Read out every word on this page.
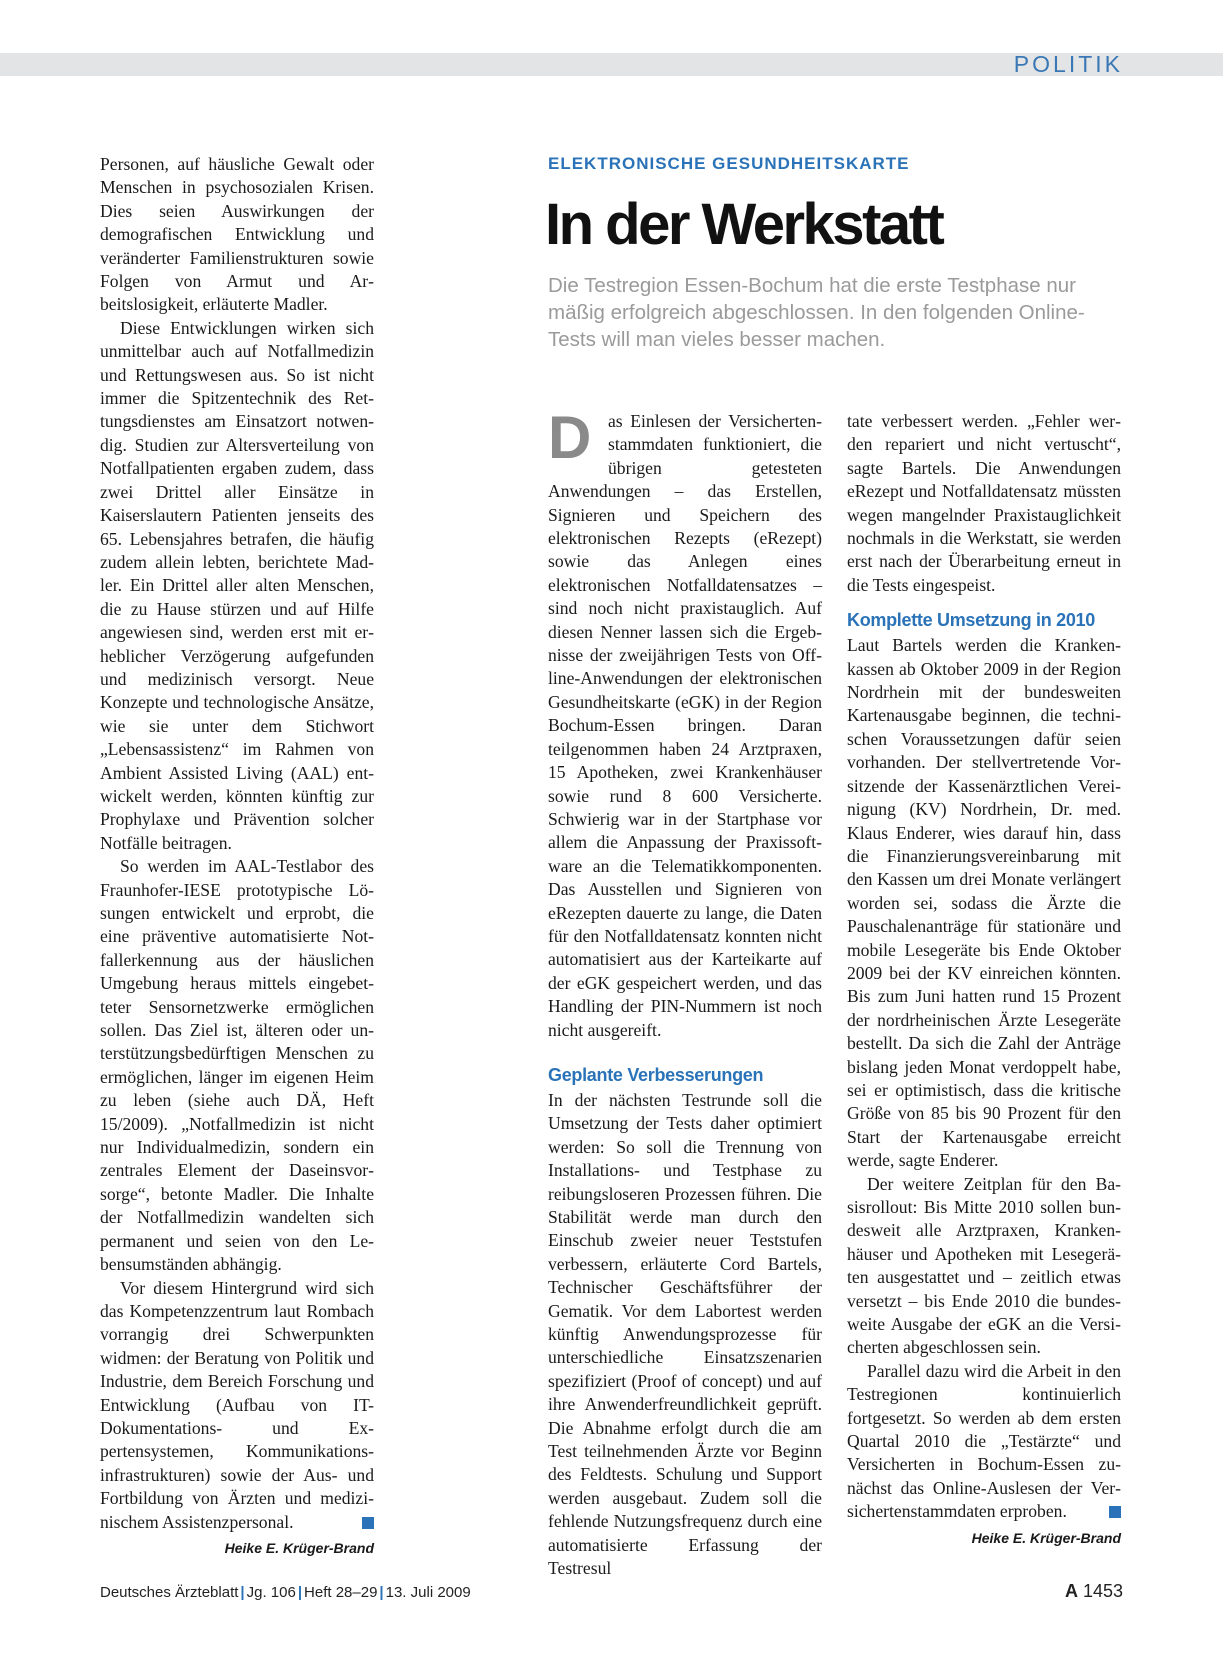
POLITIK

Personen, auf häusliche Gewalt oder Menschen in psychosozialen Krisen. Dies seien Auswirkungen der demografischen Entwicklung und veränderter Familienstrukturen sowie Folgen von Armut und Arbeitslosigkeit, erläuterte Madler.

Diese Entwicklungen wirken sich unmittelbar auch auf Notfallmedizin und Rettungswesen aus. So ist nicht immer die Spitzentechnik des Rettungsdienstes am Einsatzort notwendig. Studien zur Altersverteilung von Notfallpatienten ergaben zudem, dass zwei Drittel aller Einsätze in Kaiserslautern Patienten jenseits des 65. Lebensjahres betrafen, die häufig zudem allein lebten, berichtete Madler. Ein Drittel aller alten Menschen, die zu Hause stürzen und auf Hilfe angewiesen sind, werden erst mit erheblicher Verzögerung aufgefunden und medizinisch versorgt. Neue Konzepte und technologische Ansätze, wie sie unter dem Stichwort „Lebensassistenz“ im Rahmen von Ambient Assisted Living (AAL) entwickelt werden, könnten künftig zur Prophylaxe und Prävention solcher Notfälle beitragen.

So werden im AAL-Testlabor des Fraunhofer-IESE prototypische Lösungen entwickelt und erprobt, die eine präventive automatisierte Notfallerkennung aus der häuslichen Umgebung heraus mittels eingebetteter Sensornetzwerke ermöglichen sollen. Das Ziel ist, älteren oder unterstützungsbedürftigen Menschen zu ermöglichen, länger im eigenen Heim zu leben (siehe auch DÄ, Heft 15/2009). „Notfallmedizin ist nicht nur Individualmedizin, sondern ein zentrales Element der Daseinsvorsorge“, betonte Madler. Die Inhalte der Notfallmedizin wandelten sich permanent und seien von den Lebensumständen abhängig.

Vor diesem Hintergrund wird sich das Kompetenzzentrum laut Rombach vorrangig drei Schwerpunkten widmen: der Beratung von Politik und Industrie, dem Bereich Forschung und Entwicklung (Aufbau von IT-Dokumentations- und Expertensystemen, Kommunikationsinfrastrukturen) sowie der Aus- und Fortbildung von Ärzten und medizinischem Assistenzpersonal.

Heike E. Krüger-Brand
ELEKTRONISCHE GESUNDHEITSKARTE
In der Werkstatt
Die Testregion Essen-Bochum hat die erste Testphase nur mäßig erfolgreich abgeschlossen. In den folgenden Online-Tests will man vieles besser machen.

D as Einlesen der Versichertenstammdaten funktioniert, die übrigen getesteten Anwendungen – das Erstellen, Signieren und Speichern des elektronischen Rezepts (eRezept) sowie das Anlegen eines elektronischen Notfalldatensatzes – sind noch nicht praxistauglich. Auf diesen Nenner lassen sich die Ergebnisse der zweijährigen Tests von Offline-Anwendungen der elektronischen Gesundheitskarte (eGK) in der Region Bochum-Essen bringen. Daran teilgenommen haben 24 Arztpraxen, 15 Apotheken, zwei Krankenhäuser sowie rund 8 600 Versicherte. Schwierig war in der Startphase vor allem die Anpassung der Praxissoftware an die Telematikkomponenten. Das Ausstellen und Signieren von eRezepten dauerte zu lange, die Daten für den Notfalldatensatz konnten nicht automatisiert aus der Karteikarte auf der eGK gespeichert werden, und das Handling der PIN-Nummern ist noch nicht ausgereift.

Geplante Verbesserungen

In der nächsten Testrunde soll die Umsetzung der Tests daher optimiert werden: So soll die Trennung von Installations- und Testphase zu reibungsloseren Prozessen führen. Die Stabilität werde man durch den Einschub zweier neuer Teststufen verbessern, erläuterte Cord Bartels, Technischer Geschäftsführer der Gematik. Vor dem Labortest werden künftig Anwendungsprozesse für unterschiedliche Einsatzszenarien spezifiziert (Proof of concept) und auf ihre Anwenderfreundlichkeit geprüft. Die Abnahme erfolgt durch die am Test teilnehmenden Ärzte vor Beginn des Feldtests. Schulung und Support werden ausgebaut. Zudem soll die fehlende Nutzungsfrequenz durch eine automatisierte Erfassung der Testresul

tate verbessert werden. „Fehler werden repariert und nicht vertuscht“, sagte Bartels. Die Anwendungen eRezept und Notfalldatensatz müssten wegen mangelnder Praxistauglichkeit nochmals in die Werkstatt, sie werden erst nach der Überarbeitung erneut in die Tests eingespeist.

Komplette Umsetzung in 2010

Laut Bartels werden die Krankenkassen ab Oktober 2009 in der Region Nordrhein mit der bundesweiten Kartenausgabe beginnen, die technischen Voraussetzungen dafür seien vorhanden. Der stellvertretende Vorsitzende der Kassenärztlichen Vereinigung (KV) Nordrhein, Dr. med. Klaus Enderer, wies darauf hin, dass die Finanzierungsvereinbarung mit den Kassen um drei Monate verlängert worden sei, sodass die Ärzte die Pauschalenanträge für stationäre und mobile Lesegeräte bis Ende Oktober 2009 bei der KV einreichen könnten. Bis zum Juni hatten rund 15 Prozent der nordrheinischen Ärzte Lesegeräte bestellt. Da sich die Zahl der Anträge bislang jeden Monat verdoppelt habe, sei er optimistisch, dass die kritische Größe von 85 bis 90 Prozent für den Start der Kartenausgabe erreicht werde, sagte Enderer.

Der weitere Zeitplan für den Basisrollout: Bis Mitte 2010 sollen bundesweit alle Arztpraxen, Krankenhäuser und Apotheken mit Lesegeräten ausgestattet und – zeitlich etwas versetzt – bis Ende 2010 die bundesweite Ausgabe der eGK an die Versicherten abgeschlossen sein.

Parallel dazu wird die Arbeit in den Testregionen kontinuierlich fortgesetzt. So werden ab dem ersten Quartal 2010 die „Testärzte“ und Versicherten in Bochum-Essen zunächst das Online-Auslesen der Versichertenstammdaten erproben.

Heike E. Krüger-Brand
Deutsches Ärzteblatt | Jg. 106 | Heft 28–29 | 13. Juli 2009	A 1453
